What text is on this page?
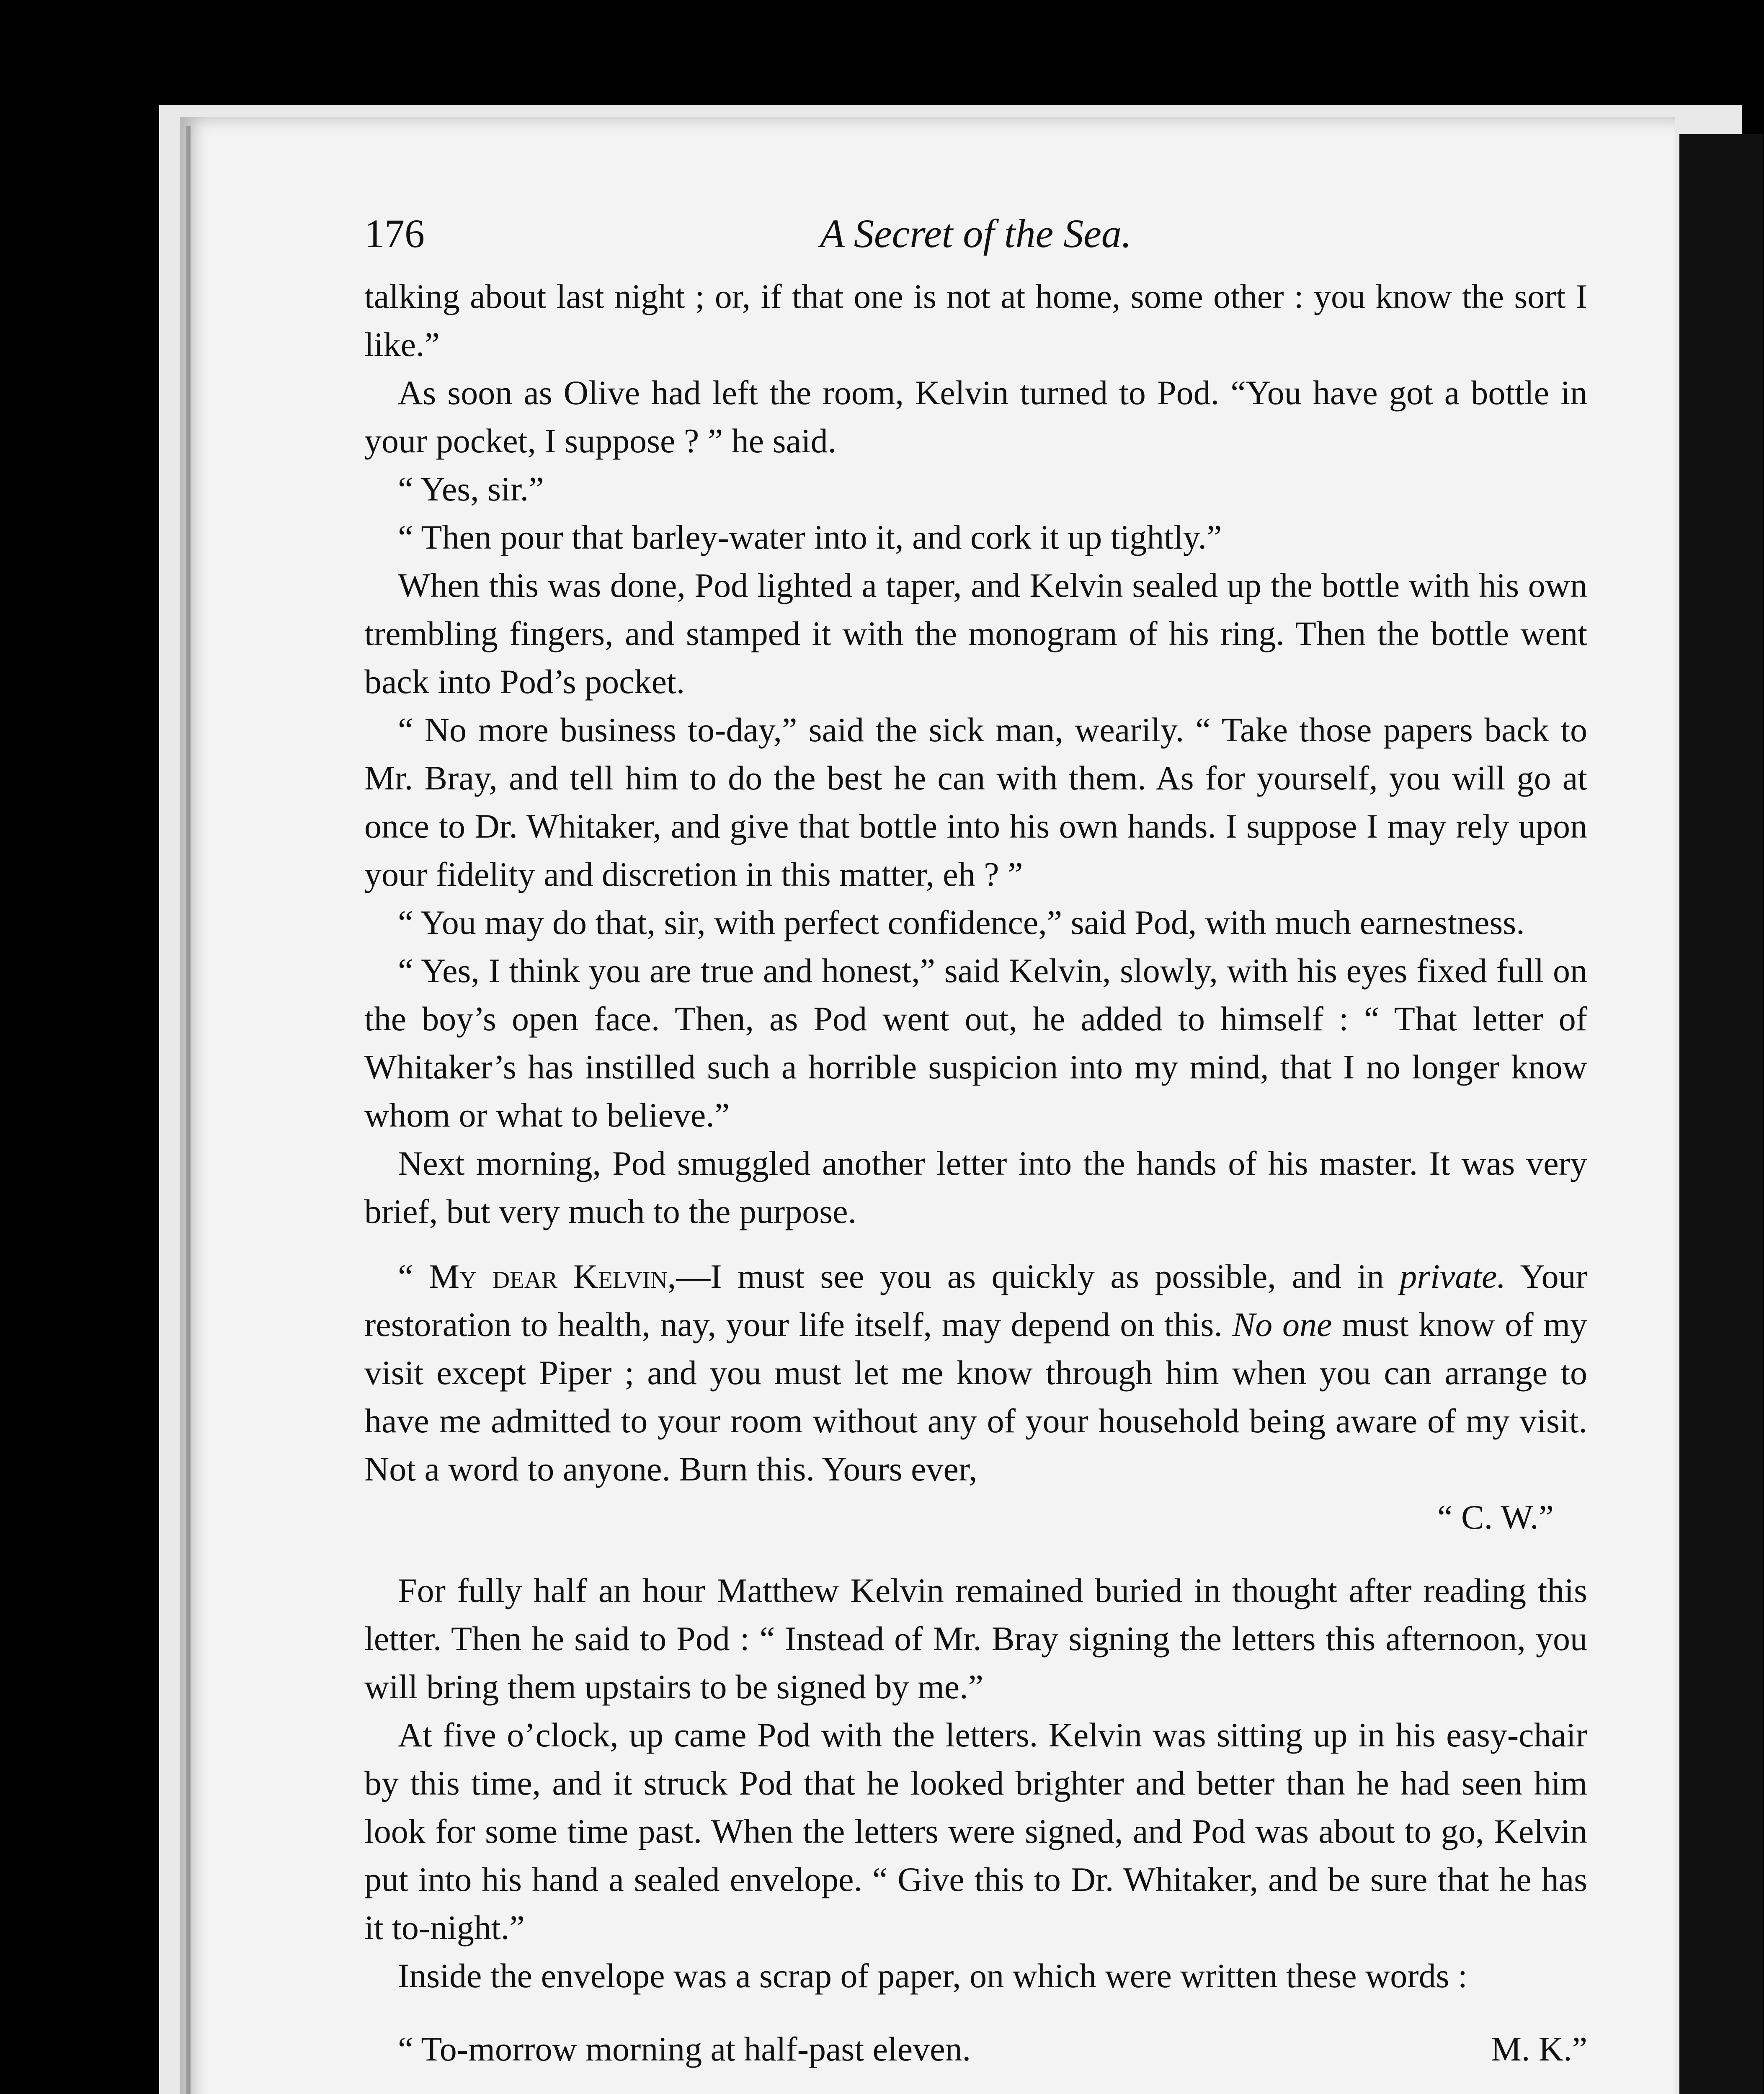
176	A Secret of the Sea.

talking about last night ; or, if that one is not at home, some other : you know the sort I like.”

As soon as Olive had left the room, Kelvin turned to Pod. “You have got a bottle in your pocket, I suppose ? ” he said.

“ Yes, sir.”

“ Then pour that barley-water into it, and cork it up tightly.”

When this was done, Pod lighted a taper, and Kelvin sealed up the bottle with his own trembling fingers, and stamped it with the monogram of his ring. Then the bottle went back into Pod’s pocket.

“ No more business to-day,” said the sick man, wearily. “ Take those papers back to Mr. Bray, and tell him to do the best he can with them. As for yourself, you will go at once to Dr. Whitaker, and give that bottle into his own hands. I suppose I may rely upon your fidelity and discretion in this matter, eh ? ”

“ You may do that, sir, with perfect confidence,” said Pod, with much earnestness.

“ Yes, I think you are true and honest,” said Kelvin, slowly, with his eyes fixed full on the boy’s open face. Then, as Pod went out, he added to himself : “ That letter of Whitaker’s has instilled such a horrible suspicion into my mind, that I no longer know whom or what to believe.”

Next morning, Pod smuggled another letter into the hands of his master. It was very brief, but very much to the purpose.

“ My dear Kelvin,—I must see you as quickly as possible, and in private. Your restoration to health, nay, your life itself, may depend on this. No one must know of my visit except Piper ; and you must let me know through him when you can arrange to have me admitted to your room without any of your household being aware of my visit. Not a word to anyone. Burn this. Yours ever,

“ C. W.”

For fully half an hour Matthew Kelvin remained buried in thought after reading this letter. Then he said to Pod : “ Instead of Mr. Bray signing the letters this afternoon, you will bring them upstairs to be signed by me.”

At five o’clock, up came Pod with the letters. Kelvin was sitting up in his easy-chair by this time, and it struck Pod that he looked brighter and better than he had seen him look for some time past. When the letters were signed, and Pod was about to go, Kelvin put into his hand a sealed envelope. “ Give this to Dr. Whitaker, and be sure that he has it to-night.”

Inside the envelope was a scrap of paper, on which were written these words :

“ To-morrow morning at half-past eleven.	M. K.”
